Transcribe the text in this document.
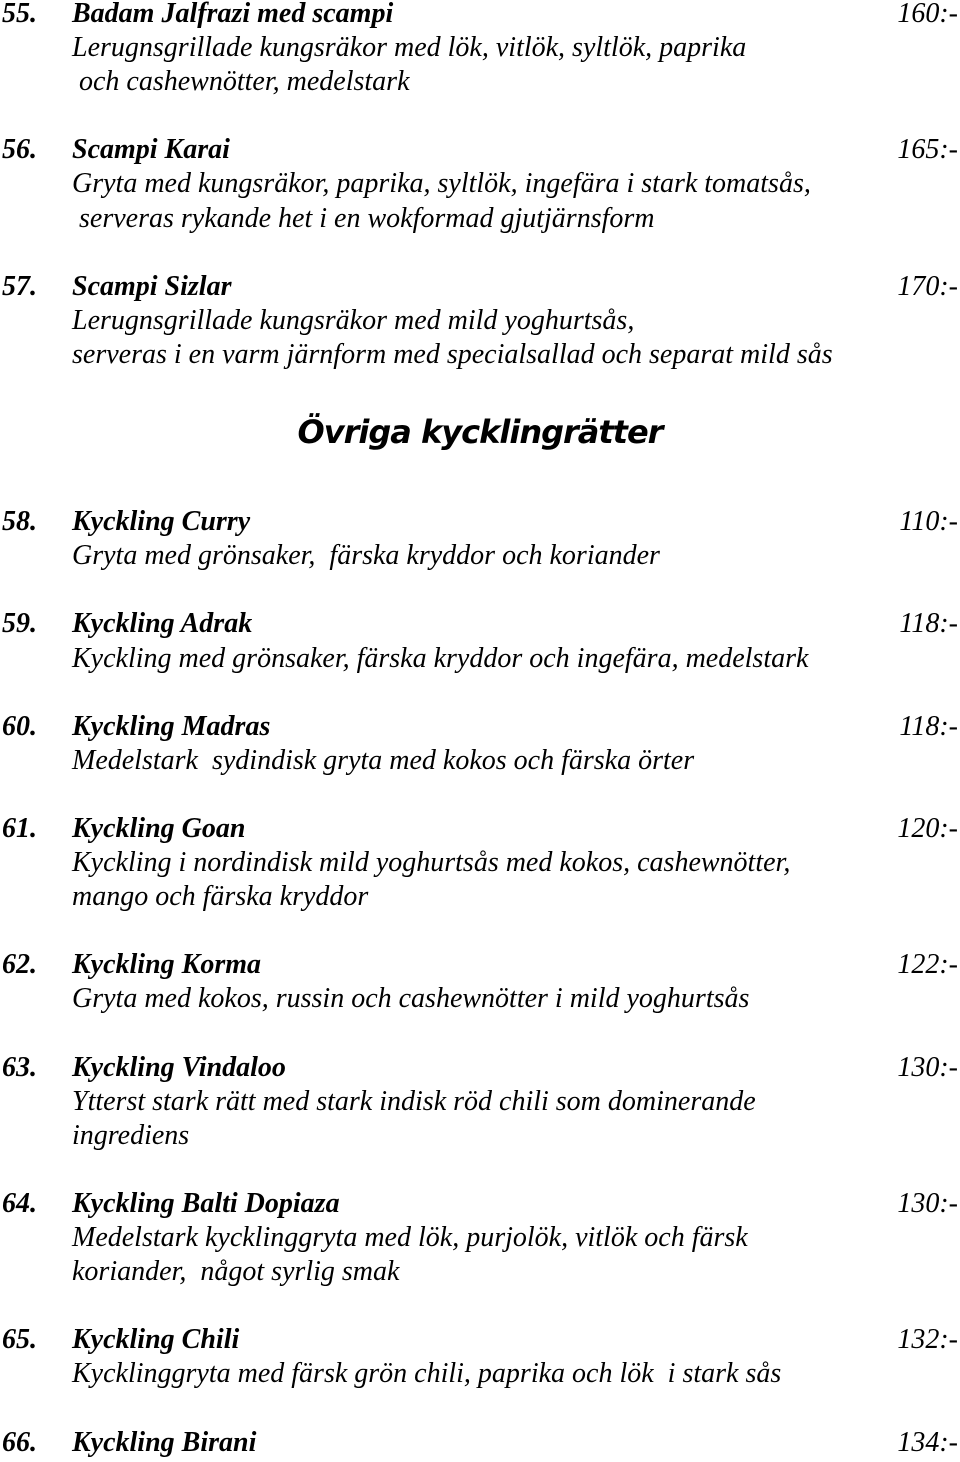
55.	Badam Jalfrazi med scampi	160:-
Lerugnsgrillade kungsräkor med lök, vitlök, syltlök, paprika
och cashewnötter, medelstark
56.	Scampi Karai	165:-
Gryta med kungsräkor, paprika, syltlök, ingefära i stark tomatsås,
serveras rykande het i en wokformad gjutjärnsform
57.	Scampi Sizlar	170:-
Lerugnsgrillade kungsräkor med mild yoghurtsås,
serveras i en varm järnform med specialsallad och separat mild sås
Övriga kycklingrätter
58.	Kyckling Curry	110:-
Gryta med grönsaker,  färska kryddor och koriander
59.	Kyckling Adrak	118:-
Kyckling med grönsaker, färska kryddor och ingefära, medelstark
60.	Kyckling Madras	118:-
Medelstark  sydindisk gryta med kokos och färska örter
61.	Kyckling Goan	120:-
Kyckling i nordindisk mild yoghurtsås med kokos, cashewnötter,
mango och färska kryddor
62.	Kyckling Korma	122:-
Gryta med kokos, russin och cashewnötter i mild yoghurtsås
63.	Kyckling Vindaloo	130:-
Ytterst stark rätt med stark indisk röd chili som dominerande
ingrediens
64.	Kyckling Balti Dopiaza	130:-
Medelstark kycklinggryta med lök, purjolök, vitlök och färsk
koriander,  något syrlig smak
65.	Kyckling Chili	132:-
Kycklinggryta med färsk grön chili, paprika och lök  i stark sås
66.	Kyckling Birani	134:-
